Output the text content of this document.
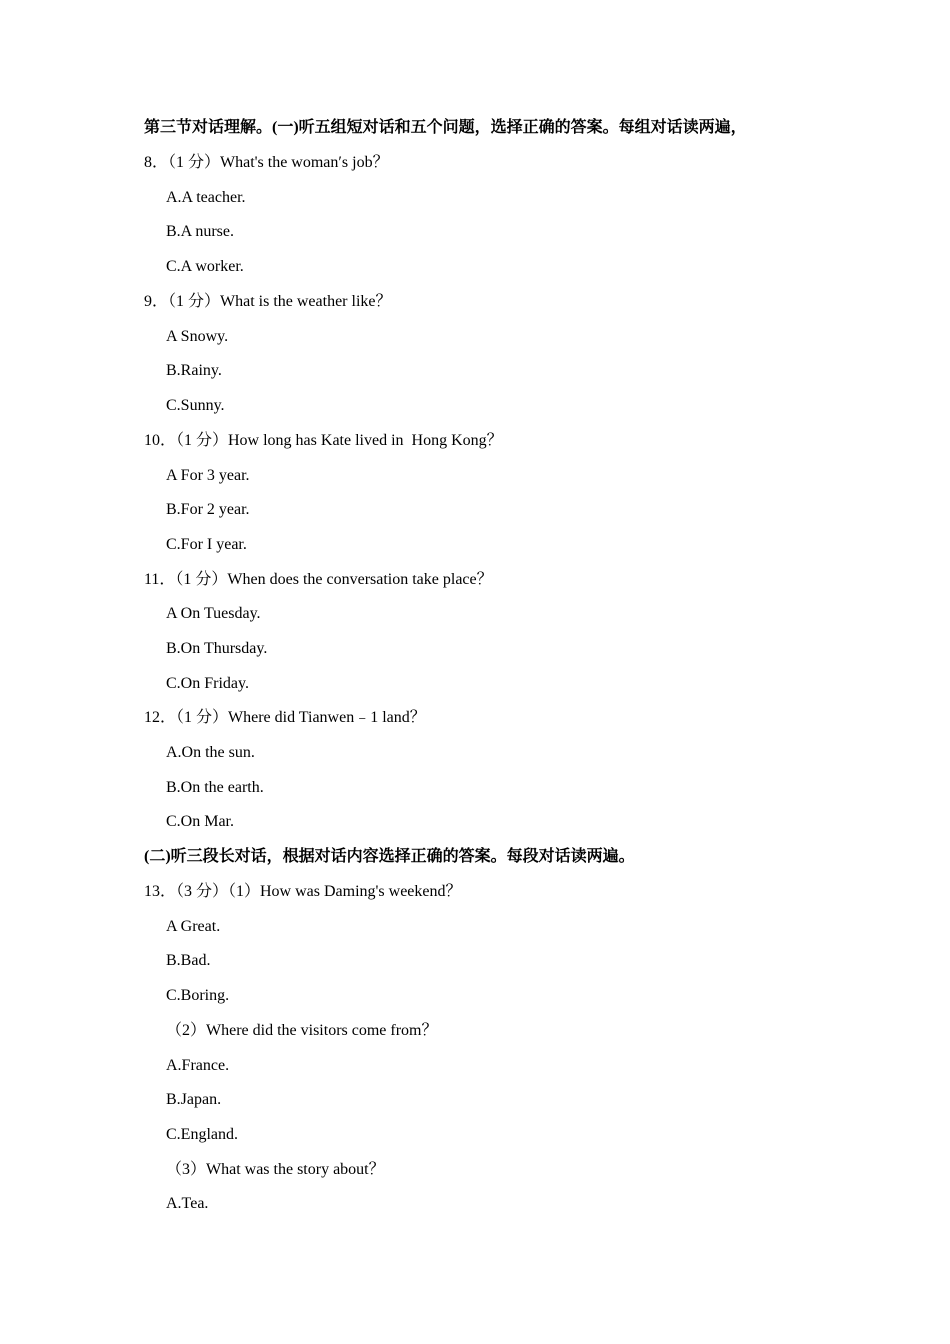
第三节对话理解。(一)听五组短对话和五个问题，选择正确的答案。每组对话读两遍，
8．（1 分）What's the woman′s job？
A.A teacher.
B.A nurse.
C.A worker.
9．（1 分）What is the weather like？
A Snowy.
B.Rainy.
C.Sunny.
10．（1 分）How long has Kate lived in  Hong Kong？
A For 3 year.
B.For 2 year.
C.For I year.
11．（1 分）When does the conversation take place？
A On Tuesday.
B.On Thursday.
C.On Friday.
12．（1 分）Where did Tianwen﹣1 land？
A.On the sun.
B.On the earth.
C.On Mar.
(二)听三段长对话，根据对话内容选择正确的答案。每段对话读两遍。
13．（3 分）（1）How was Daming's weekend？
A Great.
B.Bad.
C.Boring.
（2）Where did the visitors come from？
A.France.
B.Japan.
C.England.
（3）What was the story about？
A.Tea.
